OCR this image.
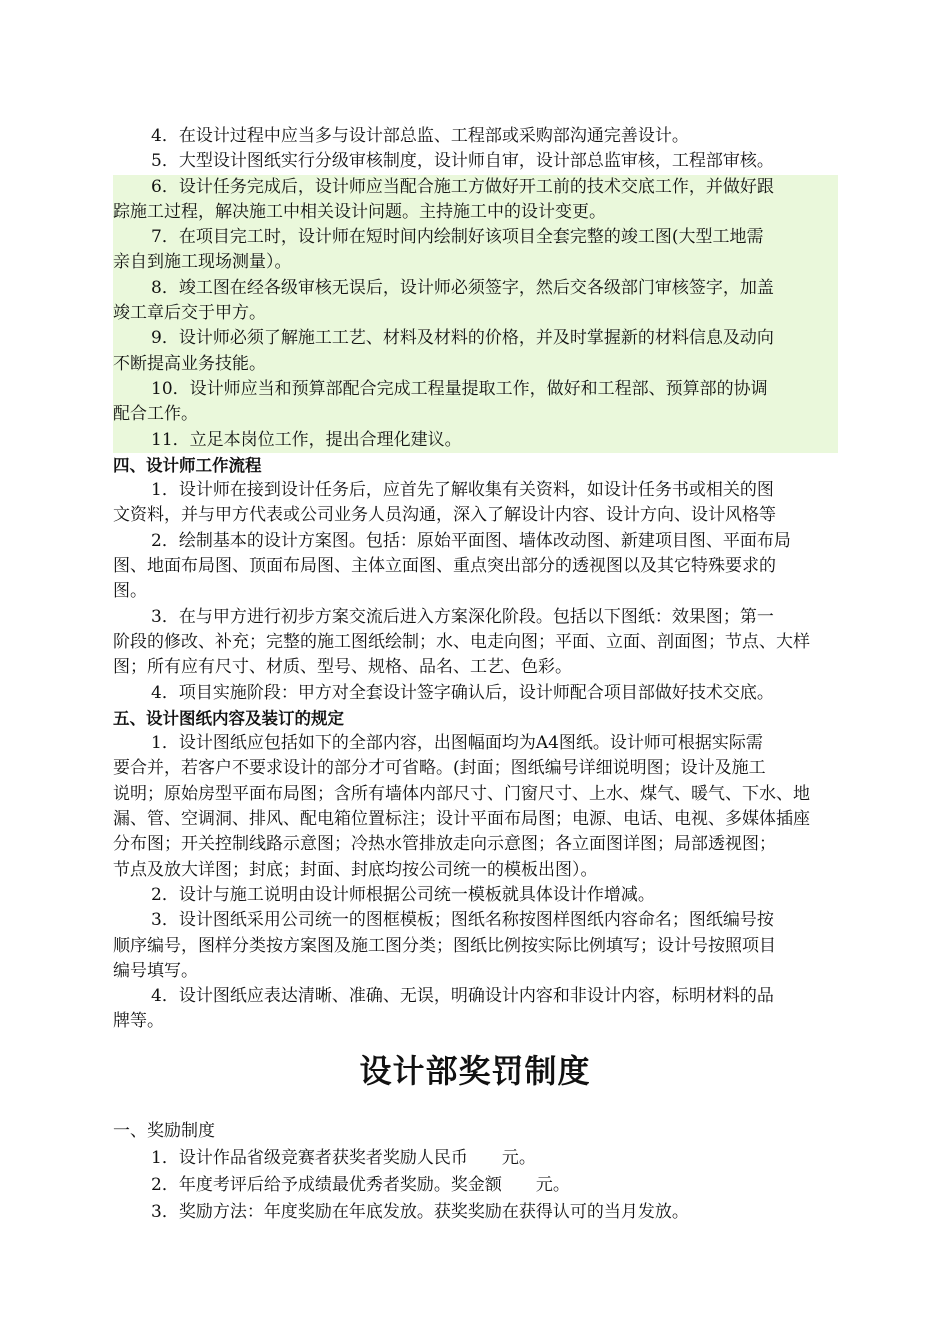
4．在设计过程中应当多与设计部总监、工程部或采购部沟通完善设计。
5．大型设计图纸实行分级审核制度，设计师自审，设计部总监审核，工程部审核。
6．设计任务完成后，设计师应当配合施工方做好开工前的技术交底工作，并做好跟
踪施工过程，解决施工中相关设计问题。主持施工中的设计变更。
7．在项目完工时，设计师在短时间内绘制好该项目全套完整的竣工图(大型工地需
亲自到施工现场测量）。
8．竣工图在经各级审核无误后，设计师必须签字，然后交各级部门审核签字，加盖
竣工章后交于甲方。
9．设计师必须了解施工工艺、材料及材料的价格，并及时掌握新的材料信息及动向
不断提高业务技能。
10．设计师应当和预算部配合完成工程量提取工作，做好和工程部、预算部的协调
配合工作。
11．立足本岗位工作，提出合理化建议。
四、设计师工作流程
1．设计师在接到设计任务后，应首先了解收集有关资料，如设计任务书或相关的图
文资料，并与甲方代表或公司业务人员沟通，深入了解设计内容、设计方向、设计风格等
2．绘制基本的设计方案图。包括：原始平面图、墙体改动图、新建项目图、平面布局
图、地面布局图、顶面布局图、主体立面图、重点突出部分的透视图以及其它特殊要求的
图。
3．在与甲方进行初步方案交流后进入方案深化阶段。包括以下图纸：效果图；第一
阶段的修改、补充；完整的施工图纸绘制；水、电走向图；平面、立面、剖面图；节点、大样
图；所有应有尺寸、材质、型号、规格、品名、工艺、色彩。
4．项目实施阶段：甲方对全套设计签字确认后，设计师配合项目部做好技术交底。
五、设计图纸内容及装订的规定
1．设计图纸应包括如下的全部内容，出图幅面均为A4图纸。设计师可根据实际需
要合并，若客户不要求设计的部分才可省略。(封面；图纸编号详细说明图；设计及施工
说明；原始房型平面布局图；含所有墙体内部尺寸、门窗尺寸、上水、煤气、暖气、下水、地
漏、管、空调洞、排风、配电箱位置标注；设计平面布局图；电源、电话、电视、多媒体插座
分布图；开关控制线路示意图；冷热水管排放走向示意图；各立面图详图；局部透视图；
节点及放大详图；封底；封面、封底均按公司统一的模板出图）。
2．设计与施工说明由设计师根据公司统一模板就具体设计作增减。
3．设计图纸采用公司统一的图框模板；图纸名称按图样图纸内容命名；图纸编号按
顺序编号，图样分类按方案图及施工图分类；图纸比例按实际比例填写；设计号按照项目
编号填写。
4．设计图纸应表达清晰、准确、无误，明确设计内容和非设计内容，标明材料的品
牌等。
设计部奖罚制度
一、奖励制度
1．设计作品省级竞赛者获奖者奖励人民币　　元。
2．年度考评后给予成绩最优秀者奖励。奖金额　　元。
3．奖励方法：年度奖励在年底发放。获奖奖励在获得认可的当月发放。
